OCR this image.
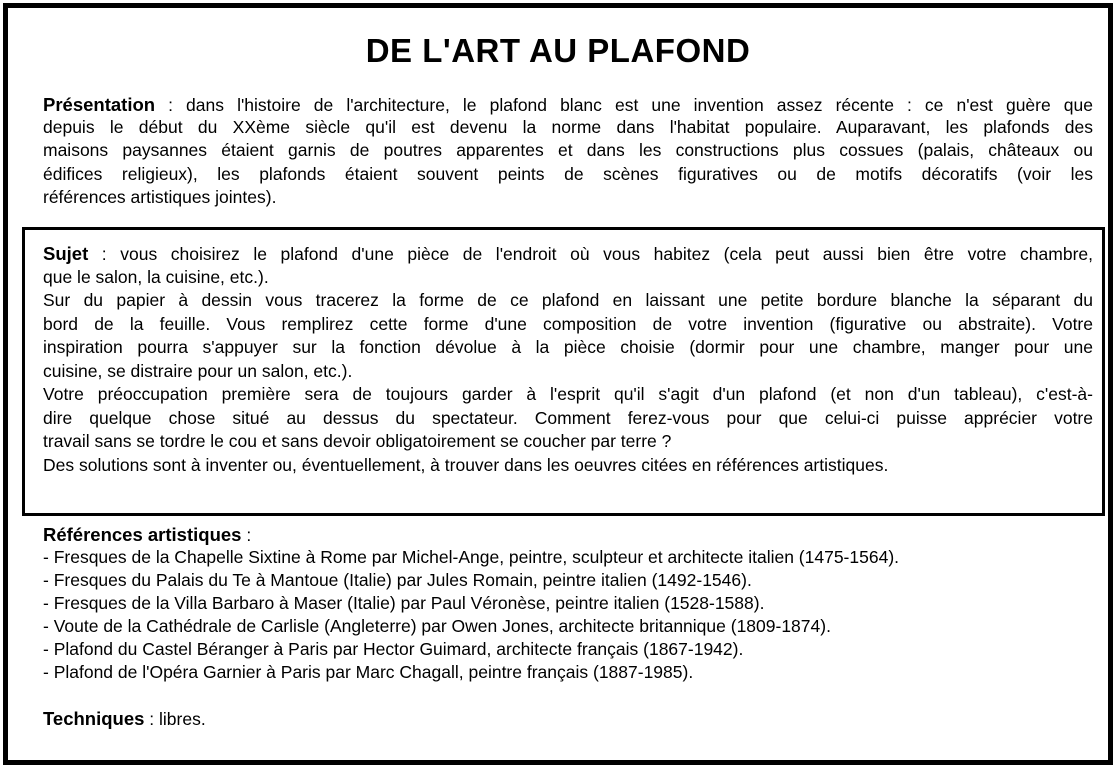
DE L'ART AU PLAFOND
Présentation : dans l'histoire de l'architecture, le plafond blanc est une invention assez récente : ce n'est guère que
depuis le début du XXème siècle qu'il est devenu la norme dans l'habitat populaire. Auparavant, les plafonds des
maisons paysannes étaient garnis de poutres apparentes et dans les constructions plus cossues (palais, châteaux ou
édifices religieux), les plafonds étaient souvent peints de scènes figuratives ou de motifs décoratifs (voir les
références artistiques jointes).
Sujet : vous choisirez le plafond d'une pièce de l'endroit où vous habitez (cela peut aussi bien être votre chambre,
que le salon, la cuisine, etc.).
Sur du papier à dessin vous tracerez la forme de ce plafond en laissant une petite bordure blanche la séparant du
bord de la feuille. Vous remplirez cette forme d'une composition de votre invention (figurative ou abstraite). Votre
inspiration pourra s'appuyer sur la fonction dévolue à la pièce choisie (dormir pour une chambre, manger pour une
cuisine, se distraire pour un salon, etc.).
Votre préoccupation première sera de toujours garder à l'esprit qu'il s'agit d'un plafond (et non d'un tableau), c'est-à-
dire quelque chose situé au dessus du spectateur. Comment ferez-vous pour que celui-ci puisse apprécier votre
travail sans se tordre le cou et sans devoir obligatoirement se coucher par terre ?
Des solutions sont à inventer ou, éventuellement, à trouver dans les oeuvres citées en références artistiques.
Références artistiques :
- Fresques de la Chapelle Sixtine à Rome par Michel-Ange, peintre, sculpteur et architecte italien (1475-1564).
- Fresques du Palais du Te à Mantoue (Italie) par Jules Romain, peintre italien (1492-1546).
- Fresques de la Villa Barbaro à Maser (Italie) par Paul Véronèse, peintre italien (1528-1588).
- Voute de la Cathédrale de Carlisle (Angleterre) par Owen Jones, architecte britannique (1809-1874).
- Plafond du Castel Béranger à Paris par Hector Guimard, architecte français (1867-1942).
- Plafond de l'Opéra Garnier à Paris par Marc Chagall, peintre français (1887-1985).
Techniques : libres.
